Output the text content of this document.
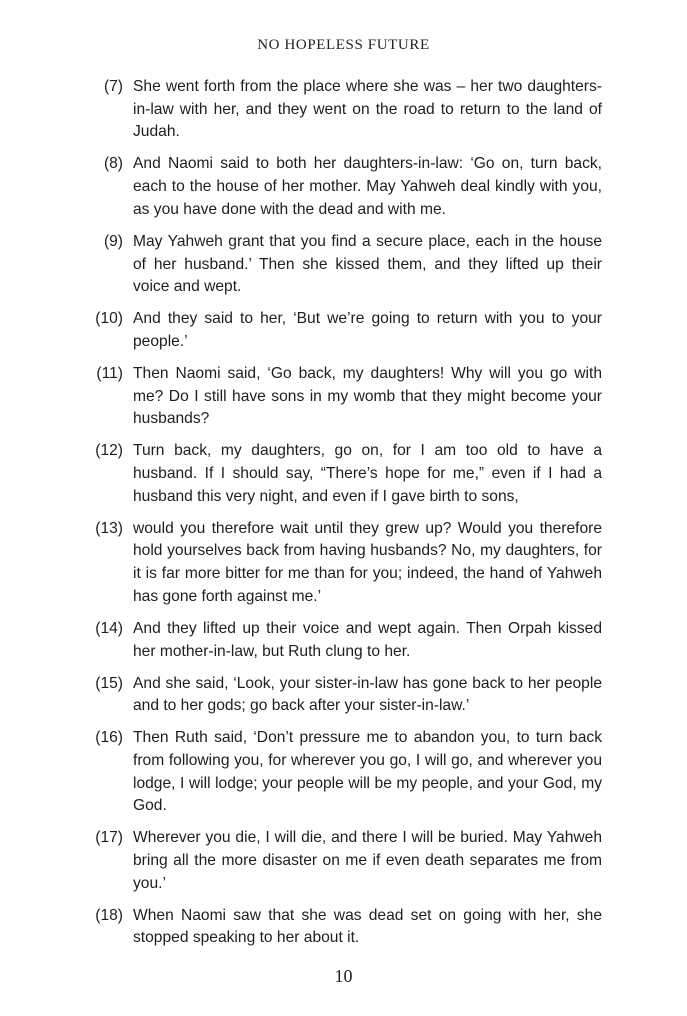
NO HOPELESS FUTURE
(7) She went forth from the place where she was – her two daughters-in-law with her, and they went on the road to return to the land of Judah.
(8) And Naomi said to both her daughters-in-law: ‘Go on, turn back, each to the house of her mother. May Yahweh deal kindly with you, as you have done with the dead and with me.
(9) May Yahweh grant that you find a secure place, each in the house of her husband.’ Then she kissed them, and they lifted up their voice and wept.
(10) And they said to her, ‘But we’re going to return with you to your people.’
(11) Then Naomi said, ‘Go back, my daughters! Why will you go with me? Do I still have sons in my womb that they might become your husbands?
(12) Turn back, my daughters, go on, for I am too old to have a husband. If I should say, “There’s hope for me,” even if I had a husband this very night, and even if I gave birth to sons,
(13) would you therefore wait until they grew up? Would you therefore hold yourselves back from having husbands? No, my daughters, for it is far more bitter for me than for you; indeed, the hand of Yahweh has gone forth against me.’
(14) And they lifted up their voice and wept again. Then Orpah kissed her mother-in-law, but Ruth clung to her.
(15) And she said, ‘Look, your sister-in-law has gone back to her people and to her gods; go back after your sister-in-law.’
(16) Then Ruth said, ‘Don’t pressure me to abandon you, to turn back from following you, for wherever you go, I will go, and wherever you lodge, I will lodge; your people will be my people, and your God, my God.
(17) Wherever you die, I will die, and there I will be buried. May Yahweh bring all the more disaster on me if even death separates me from you.’
(18) When Naomi saw that she was dead set on going with her, she stopped speaking to her about it.
10
